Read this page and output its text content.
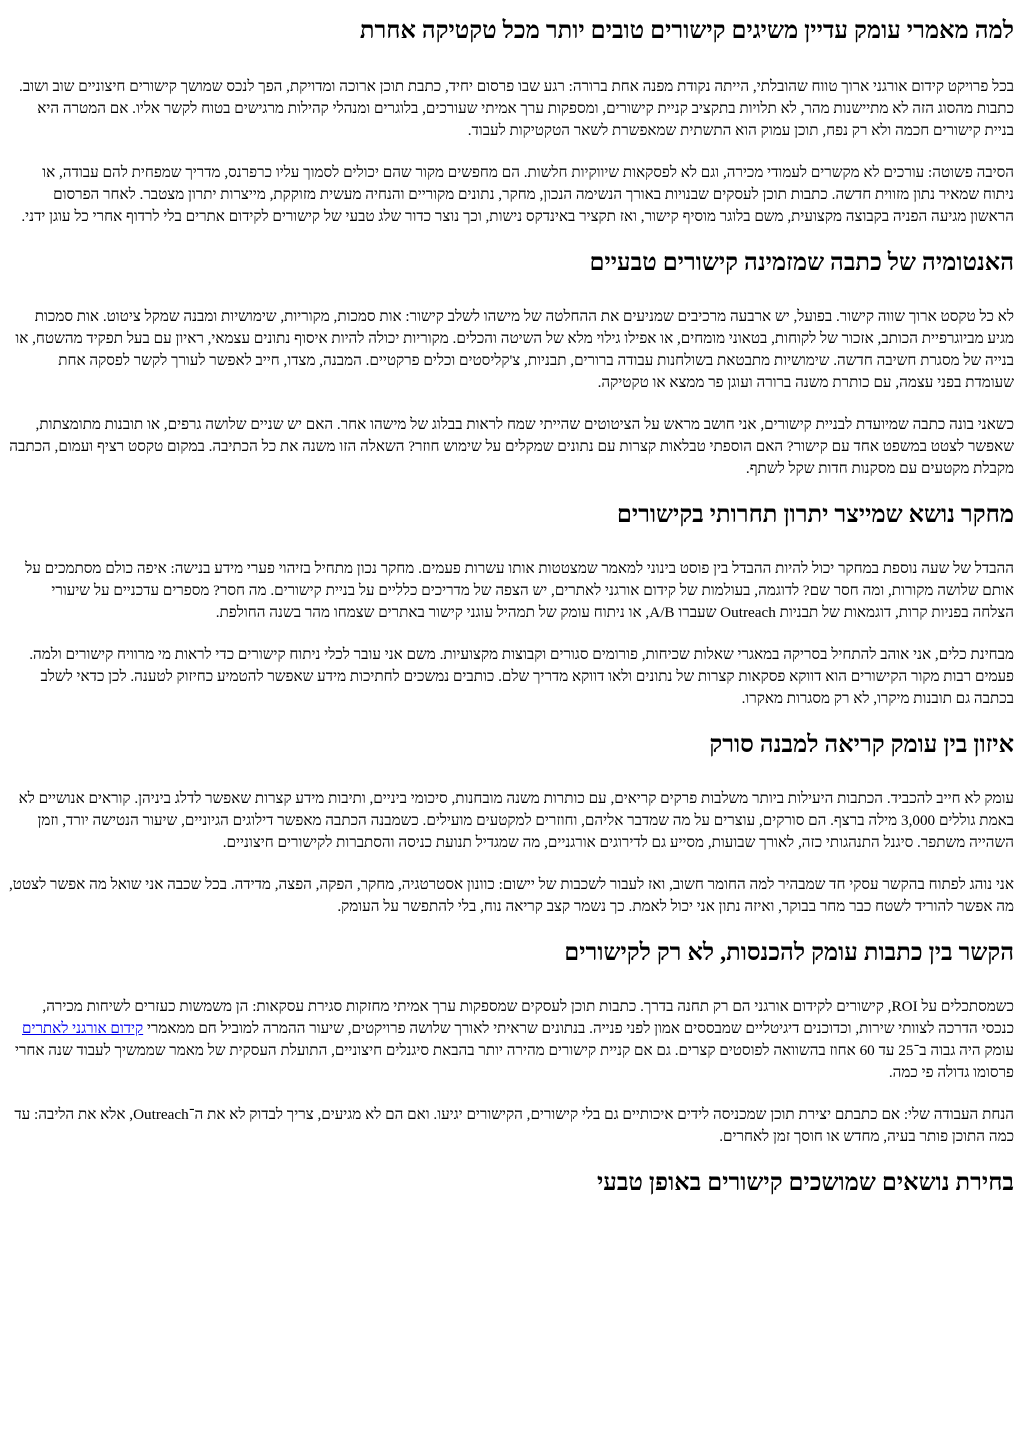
למה מאמרי עומק עדיין משיגים קישורים טובים יותר מכל טקטיקה אחרת

בכל פרויקט קידום אורגני ארוך טווח שהובלתי, הייתה נקודת מפנה אחת ברורה: רגע שבו פרסום יחיד, כתבת תוכן ארוכה ומדויקת, הפך לנכס שמושך קישורים חיצוניים שוב ושוב. כתבות מהסוג הזה לא מתיישנות מהר, לא תלויות בתקציב קניית קישורים, ומספקות ערך אמיתי שעורכים, בלוגרים ומנהלי קהילות מרגישים בטוח לקשר אליו. אם המטרה היא בניית קישורים חכמה ולא רק נפח, תוכן עמוק הוא התשתית שמאפשרת לשאר הטקטיקות לעבוד.

הסיבה פשוטה: עורכים לא מקשרים לעמודי מכירה, וגם לא לפסקאות שיווקיות חלשות. הם מחפשים מקור שהם יכולים לסמוך עליו כרפרנס, מדריך שמפחית להם עבודה, או ניתוח שמאיר נתון מזווית חדשה. כתבות תוכן לעסקים שבנויות באורך הנשימה הנכון, מחקר, נתונים מקוריים והנחיה מעשית מזוקקת, מייצרות יתרון מצטבר. לאחר הפרסום הראשון מגיעה הפניה בקבוצה מקצועית, משם בלוגר מוסיף קישור, ואז תקציר באינדקס נישות, וכך נוצר כדור שלג טבעי של קישורים לקידום אתרים בלי לרדוף אחרי כל עוגן ידני.

האנטומיה של כתבה שמזמינה קישורים טבעיים

לא כל טקסט ארוך שווה קישור. בפועל, יש ארבעה מרכיבים שמניעים את ההחלטה של מישהו לשלב קישור: אות סמכות, מקוריות, שימושיות ומבנה שמקל ציטוט. אות סמכות מגיע מביוגרפיית הכותב, אזכור של לקוחות, בטאוני מומחים, או אפילו גילוי מלא של השיטה והכלים. מקוריות יכולה להיות איסוף נתונים עצמאי, ראיון עם בעל תפקיד מהשטח, או בנייה של מסגרת חשיבה חדשה. שימושיות מתבטאת בשולחנות עבודה ברורים, תבניות, צ'קליסטים וכלים פרקטיים. המבנה, מצדו, חייב לאפשר לעורך לקשר לפסקה אחת שעומדת בפני עצמה, עם כותרת משנה ברורה ועוגן פר ממצא או טקטיקה.

כשאני בונה כתבה שמיועדת לבניית קישורים, אני חושב מראש על הציטוטים שהייתי שמח לראות בבלוג של מישהו אחר. האם יש שניים שלושה גרפים, או תובנות מתומצתות, שאפשר לצטט במשפט אחד עם קישור? האם הוספתי טבלאות קצרות עם נתונים שמקלים על שימוש חוזר? השאלה הזו משנה את כל הכתיבה. במקום טקסט רציף ועמום, הכתבה מקבלת מקטעים עם מסקנות חדות שקל לשתף.

מחקר נושא שמייצר יתרון תחרותי בקישורים

ההבדל של שעה נוספת במחקר יכול להיות ההבדל בין פוסט בינוני למאמר שמצטטות אותו עשרות פעמים. מחקר נכון מתחיל בזיהוי פערי מידע בנישה: איפה כולם מסתמכים על אותם שלושה מקורות, ומה חסר שם? לדוגמה, בעולמות של קידום אורגני לאתרים, יש הצפה של מדריכים כלליים על בניית קישורים. מה חסר? מספרים עדכניים על שיעורי הצלחה בפניות קרות, דוגמאות של תבניות Outreach שעברו A/B, או ניתוח עומק של תמהיל עוגני קישור באתרים שצמחו מהר בשנה החולפת.

מבחינת כלים, אני אוהב להתחיל בסריקה במאגרי שאלות שכיחות, פורומים סגורים וקבוצות מקצועיות. משם אני עובר לכלי ניתוח קישורים כדי לראות מי מרוויח קישורים ולמה. פעמים רבות מקור הקישורים הוא דווקא פסקאות קצרות של נתונים ולאו דווקא מדריך שלם. כותבים נמשכים לחתיכות מידע שאפשר להטמיע כחיזוק לטענה. לכן כדאי לשלב בכתבה גם תובנות מיקרו, לא רק מסגרות מאקרו.

איזון בין עומק קריאה למבנה סורק

עומק לא חייב להכביד. הכתבות היעילות ביותר משלבות פרקים קריאים, עם כותרות משנה מובחנות, סיכומי ביניים, ותיבות מידע קצרות שאפשר לדלג ביניהן. קוראים אנושיים לא באמת גוללים 3,000 מילה ברצף. הם סורקים, עוצרים על מה שמדבר אליהם, וחוזרים למקטעים מועילים. כשמבנה הכתבה מאפשר דילוגים הגיוניים, שיעור הנטישה יורד, וזמן השהייה משתפר. סיגנל התנהגותי כזה, לאורך שבועות, מסייע גם לדירוגים אורגניים, מה שמגדיל תנועת כניסה והסתברות לקישורים חיצוניים.

אני נוהג לפתוח בהקשר עסקי חד שמבהיר למה החומר חשוב, ואז לעבור לשכבות של יישום: כוונון אסטרטגיה, מחקר, הפקה, הפצה, מדידה. בכל שכבה אני שואל מה אפשר לצטט, מה אפשר להוריד לשטח כבר מחר בבוקר, ואיזה נתון אני יכול לאמת. כך נשמר קצב קריאה נוח, בלי להתפשר על העומק.

הקשר בין כתבות עומק להכנסות, לא רק לקישורים

כשמסתכלים על ROI, קישורים לקידום אורגני הם רק תחנה בדרך. כתבות תוכן לעסקים שמספקות ערך אמיתי מחזקות סגירת עסקאות: הן משמשות כעזרים לשיחות מכירה, כנכסי הדרכה לצוותי שירות, וכדוכנים דיגיטליים שמבססים אמון לפני פנייה. בנתונים שראיתי לאורך שלושה פרויקטים, שיעור ההמרה למוביל חם ממאמרי קידום אורגני לאתרים עומק היה גבוה ב־25 עד 60 אחוז בהשוואה לפוסטים קצרים. גם אם קניית קישורים מהירה יותר בהבאת סיגנלים חיצוניים, התועלת העסקית של מאמר שממשיך לעבוד שנה אחרי פרסומו גדולה פי כמה.

הנחת העבודה שלי: אם כתבתם יצירת תוכן שמכניסה לידים איכותיים גם בלי קישורים, הקישורים יגיעו. ואם הם לא מגיעים, צריך לבדוק לא את ה־Outreach, אלא את הליבה: עד כמה התוכן פותר בעיה, מחדש או חוסך זמן לאחרים.

בחירת נושאים שמושכים קישורים באופן טבעי
